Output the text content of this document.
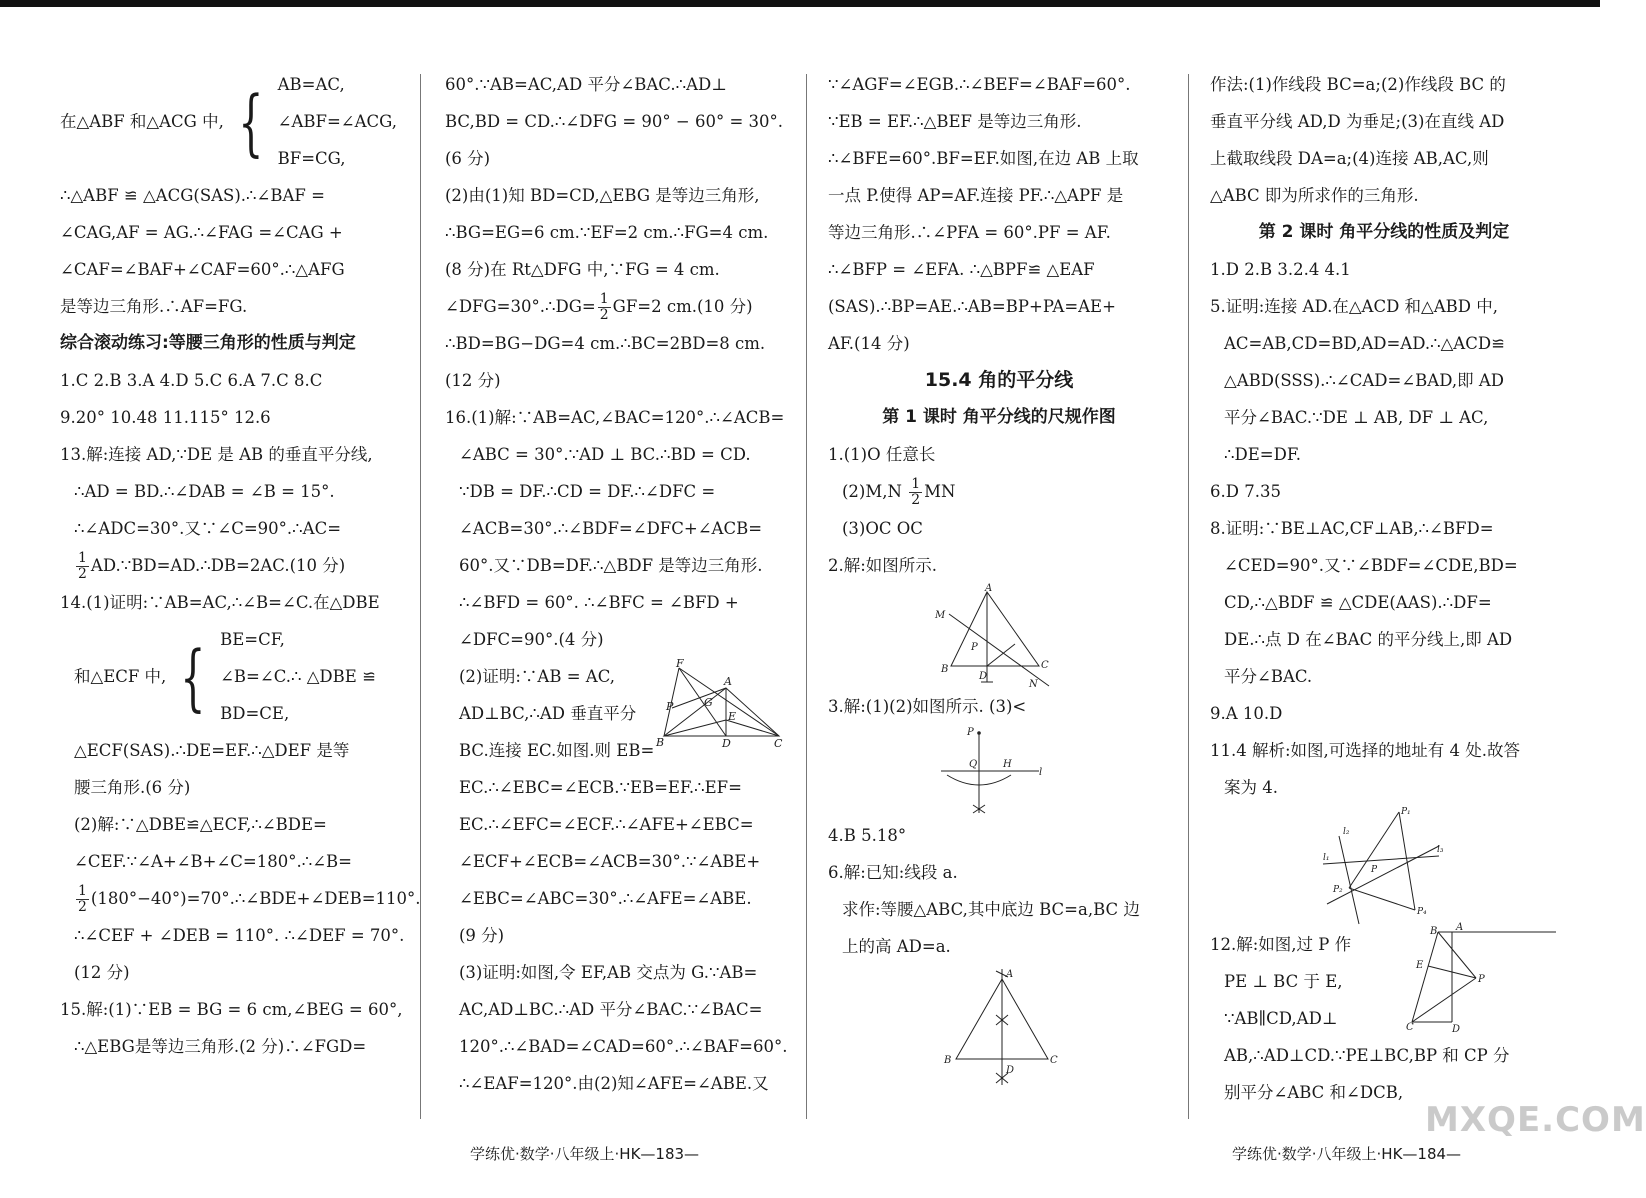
在△ABF 和△ACG 中, { AB=AC,
∠ABF=∠ACG,
BF=CG,

∴△ABF ≌ △ACG(SAS).∴∠BAF =

∠CAG,AF = AG.∴∠FAG =∠CAG +

∠CAF=∠BAF+∠CAF=60°.∴△AFG

是等边三角形.∴AF=FG.

综合滚动练习:等腰三角形的性质与判定

1.C 2.B 3.A 4.D 5.C 6.A 7.C 8.C

9.20° 10.48 11.115° 12.6

13.解:连接 AD,∵DE 是 AB 的垂直平分线,

∴AD = BD.∴∠DAB = ∠B = 15°.

∴∠ADC=30°.又∵∠C=90°.∴AC=

$\frac{1}{2}$ AD.∵BD=AD.∴DB=2AC.(10 分)

14.(1)证明:∵AB=AC,∴∠B=∠C.在△DBE

和△ECF 中, { BE=CF,
∠B=∠C.∴ △DBE ≌
BD=CE,

△ECF(SAS).∴DE=EF.∴△DEF 是等

腰三角形.(6 分)

(2)解:∵△DBE≌△ECF,∴∠BDE=

∠CEF.∵∠A+∠B+∠C=180°.∴∠B=

$\frac{1}{2}$ (180°−40°)=70°.∴∠BDE+∠DEB=110°.

∴∠CEF + ∠DEB = 110°. ∴∠DEF = 70°.

(12 分)

15.解:(1)∵EB = BG = 6 cm,∠BEG = 60°,

∴△EBG是等边三角形.(2 分)∴∠FGD=

60°.∵AB=AC,AD 平分∠BAC.∴AD⊥

BC,BD = CD.∴∠DFG = 90° − 60° = 30°.

(6 分)

(2)由(1)知 BD=CD,△EBG 是等边三角形,

∴BG=EG=6 cm.∵EF=2 cm.∴FG=4 cm.

(8 分)在 Rt△DFG 中,∵FG = 4 cm.

∠DFG=30°.∴DG= $\frac{1}{2} GF=2$ cm.(10 分)

∴BD=BG−DG=4 cm.∴BC=2BD=8 cm.

(12 分)

16.(1)解:∵AB=AC,∠BAC=120°.∴∠ACB=

∠ABC = 30°.∵AD ⊥ BC.∴BD = CD.

∵DB = DF.∴CD = DF.∴∠DFC =

∠ACB=30°.∴∠BDF=∠DFC+∠ACB=

60°.又∵DB=DF.∴△BDF 是等边三角形.

∴∠BFD = 60°. ∴∠BFC = ∠BFD +

∠DFC=90°.(4 分)

(2)证明:∵AB = AC,

AD⊥BC,∴AD 垂直平分

BC.连接 EC.如图.则 EB=

F
A
G
E
P
B	D	C

EC.∴∠EBC=∠ECB.∵EB=EF.∴EF=

EC.∴∠EFC=∠ECF.∴∠AFE+∠EBC=

∠ECF+∠ECB=∠ACB=30°.∵∠ABE+

∠EBC=∠ABC=30°.∴∠AFE=∠ABE.

(9 分)

(3)证明:如图,令 EF,AB 交点为 G.∵AB=

AC,AD⊥BC.∴AD 平分∠BAC.∵∠BAC=

120°.∴∠BAD=∠CAD=60°.∴∠BAF=60°.

∴∠EAF=120°.由(2)知∠AFE=∠ABE.又

∵∠AGF=∠EGB.∴∠BEF=∠BAF=60°.

∵EB = EF.∴△BEF 是等边三角形.

∴∠BFE=60°.BF=EF.如图,在边 AB 上取

一点 P.使得 AP=AF.连接 PF.∴△APF 是

等边三角形.∴∠PFA = 60°.PF = AF.

∴∠BFP = ∠EFA. ∴△BPF≌ △EAF

(SAS).∴BP=AE.∴AB=BP+PA=AE+

AF.(14 分)

15.4 角的平分线

第 1 课时 角平分线的尺规作图

1.(1)O 任意长

$(2)M,N \frac{1}{2}$ MN

(3)OC OC

2.解:如图所示.

A
M
P
B	C
D
N

3.解:(1)(2)如图所示. (3)<

P
Q	H
l

4.B 5.18°

6.解:已知:线段 a.

求作:等腰△ABC,其中底边 BC=a,BC 边

上的高 AD=a.

A
B	C
D

作法:(1)作线段 BC=a;(2)作线段 BC 的

垂直平分线 AD,D 为垂足;(3)在直线 AD

上截取线段 DA=a;(4)连接 AB,AC,则

△ABC 即为所求作的三角形.

第 2 课时 角平分线的性质及判定

1.D 2.B 3.2.4 4.1

5.证明:连接 AD.在△ACD 和△ABD 中,

AC=AB,CD=BD,AD=AD.∴△ACD≌

△ABD(SSS).∴∠CAD=∠BAD,即 AD

平分∠BAC.∵DE ⊥ AB, DF ⊥ AC,

∴DE=DF.

6.D 7.35

8.证明:∵BE⊥AC,CF⊥AB,∴∠BFD=

∠CED=90°.又∵∠BDF=∠CDE,BD=

CD,∴△BDF ≌ △CDE(AAS).∴DF=

DE.∴点 D 在∠BAC 的平分线上,即 AD

平分∠BAC.

9.A 10.D

11.4 解析:如图,可选择的地址有 4 处.故答

案为 4.

P₁
l₁
l₂
l₃
P
P₂
P₄

12.解:如图,过 P 作

PE ⊥ BC 于 E,

∵AB∥CD,AD⊥

B A
E
P
C	D

AB,∴AD⊥CD.∵PE⊥BC,BP 和 CP 分

别平分∠ABC 和∠DCB,

学练优·数学·八年级上·HK—183—	学练优·数学·八年级上·HK—184—
MXQE.COM
